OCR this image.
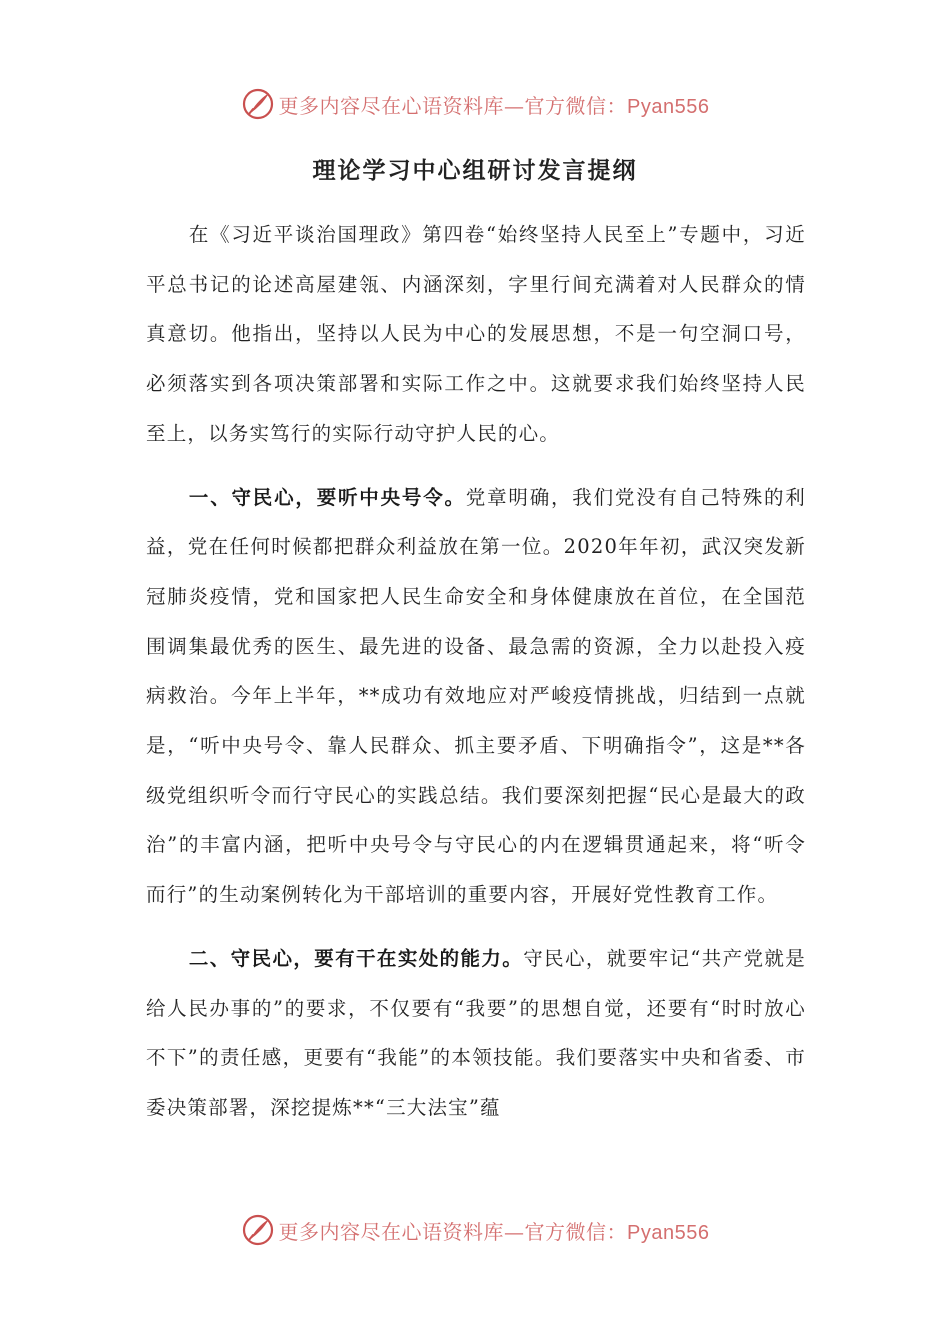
更多内容尽在心语资料库—官方微信：Pyan556
理论学习中心组研讨发言提纲

在《习近平谈治国理政》第四卷“始终坚持人民至上”专题中，习近平总书记的论述高屋建瓴、内涵深刻，字里行间充满着对人民群众的情真意切。他指出，坚持以人民为中心的发展思想，不是一句空洞口号，必须落实到各项决策部署和实际工作之中。这就要求我们始终坚持人民至上，以务实笃行的实际行动守护人民的心。

一、守民心，要听中央号令。党章明确，我们党没有自己特殊的利益，党在任何时候都把群众利益放在第一位。2020年年初，武汉突发新冠肺炎疫情，党和国家把人民生命安全和身体健康放在首位，在全国范围调集最优秀的医生、最先进的设备、最急需的资源，全力以赴投入疫病救治。今年上半年，**成功有效地应对严峻疫情挑战，归结到一点就是，“听中央号令、靠人民群众、抓主要矛盾、下明确指令”，这是**各级党组织听令而行守民心的实践总结。我们要深刻把握“民心是最大的政治”的丰富内涵，把听中央号令与守民心的内在逻辑贯通起来，将“听令而行”的生动案例转化为干部培训的重要内容，开展好党性教育工作。

二、守民心，要有干在实处的能力。守民心，就要牢记“共产党就是给人民办事的”的要求，不仅要有“我要”的思想自觉，还要有“时时放心不下”的责任感，更要有“我能”的本领技能。我们要落实中央和省委、市委决策部署，深挖提炼**“三大法宝”蕴

更多内容尽在心语资料库—官方微信：Pyan556
